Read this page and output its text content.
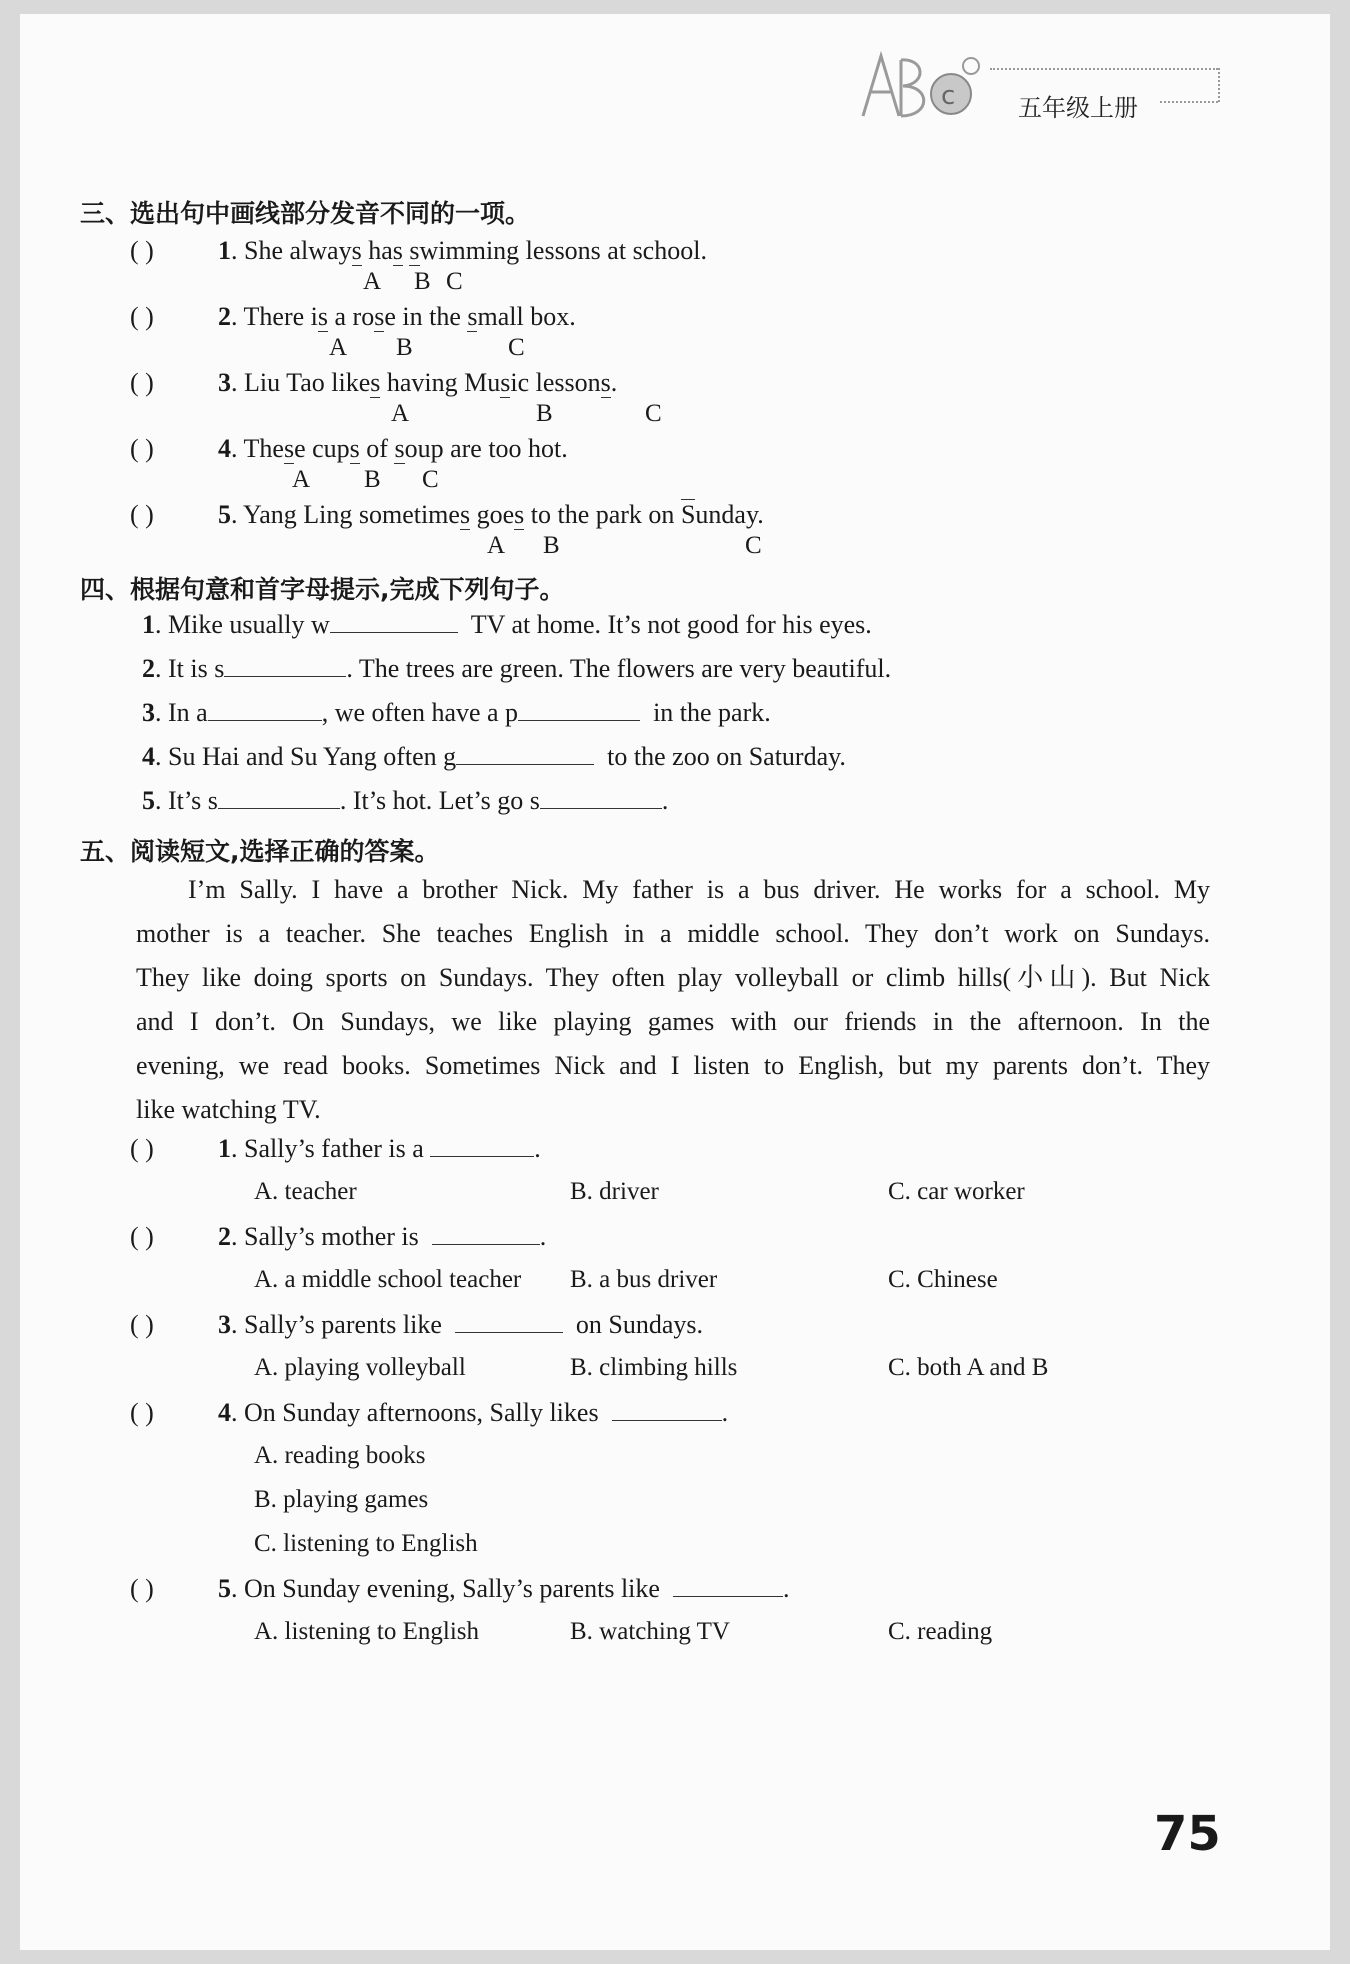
c	五年级上册
三、选出句中画线部分发音不同的一项。
( ) 1. She always has swimming lessons at school.
A B C
( ) 2. There is a rose in the small box.
A B	C
( ) 3. Liu Tao likes having Music lessons.
A	B	C
( ) 4. These cups of soup are too hot.
A B C
( ) 5. Yang Ling sometimes goes to the park on Sunday.
A B	C
四、根据句意和首字母提示,完成下列句子。
1. Mike usually w	TV at home. It’s not good for his eyes.
2. It is s	. The trees are green. The flowers are very beautiful.
3. In a	, we often have a p	in the park.
4. Su Hai and Su Yang often g	to the zoo on Saturday.
5. It’s s	. It’s hot. Let’s go s	.
五、阅读短文,选择正确的答案。
I’m Sally. I have a brother Nick. My father is a bus driver. He works for a school. My
mother is a teacher. She teaches English in a middle school. They don’t work on Sundays.
They like doing sports on Sundays. They often play volleyball or climb hills(小山). But Nick
and I don’t. On Sundays, we like playing games with our friends in the afternoon. In the
evening, we read books. Sometimes Nick and I listen to English, but my parents don’t. They
like watching TV.
( ) 1. Sally’s father is a	.
A. teacher	B. driver	C. car worker
( ) 2. Sally’s mother is	.
A. a middle school teacher B. a bus driver	C. Chinese
( ) 3. Sally’s parents like	on Sundays.
A. playing volleyball	B. climbing hills	C. both A and B
( ) 4. On Sunday afternoons, Sally likes	.
A. reading books
B. playing games
C. listening to English
( ) 5. On Sunday evening, Sally’s parents like	.
A. listening to English	B. watching TV	C. reading
75
